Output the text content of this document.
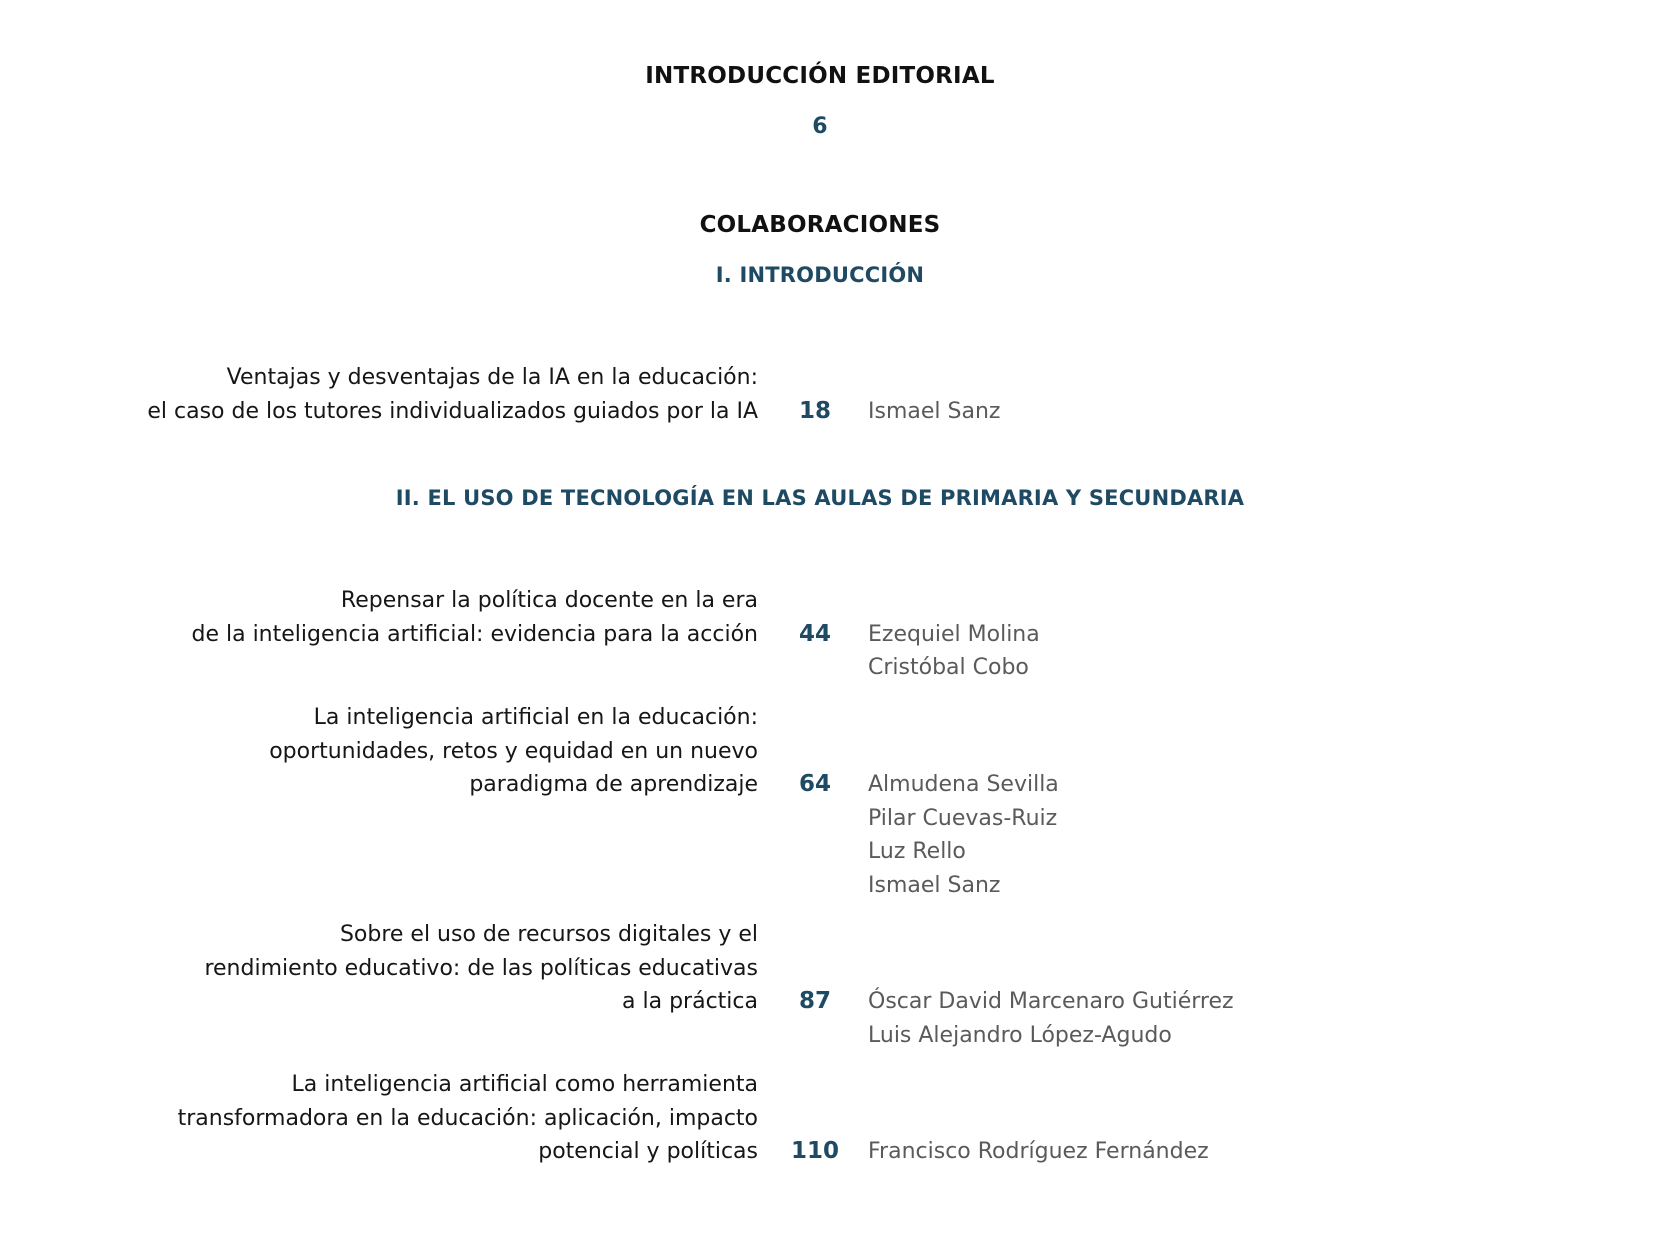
INTRODUCCIÓN EDITORIAL
6
COLABORACIONES
I. INTRODUCCIÓN
Ventajas y desventajas de la IA en la educación:
el caso de los tutores individualizados guiados por la IA	18	Ismael Sanz
II. EL USO DE TECNOLOGÍA EN LAS AULAS DE PRIMARIA Y SECUNDARIA
Repensar la política docente en la era
de la inteligencia artificial: evidencia para la acción	44	Ezequiel Molina
Cristóbal Cobo
La inteligencia artificial en la educación:
oportunidades, retos y equidad en un nuevo
paradigma de aprendizaje	64	Almudena Sevilla
Pilar Cuevas-Ruiz
Luz Rello
Ismael Sanz
Sobre el uso de recursos digitales y el
rendimiento educativo: de las políticas educativas
a la práctica	87	Óscar David Marcenaro Gutiérrez
Luis Alejandro López-Agudo
La inteligencia artificial como herramienta
transformadora en la educación: aplicación, impacto
potencial y políticas 110 Francisco Rodríguez Fernández
